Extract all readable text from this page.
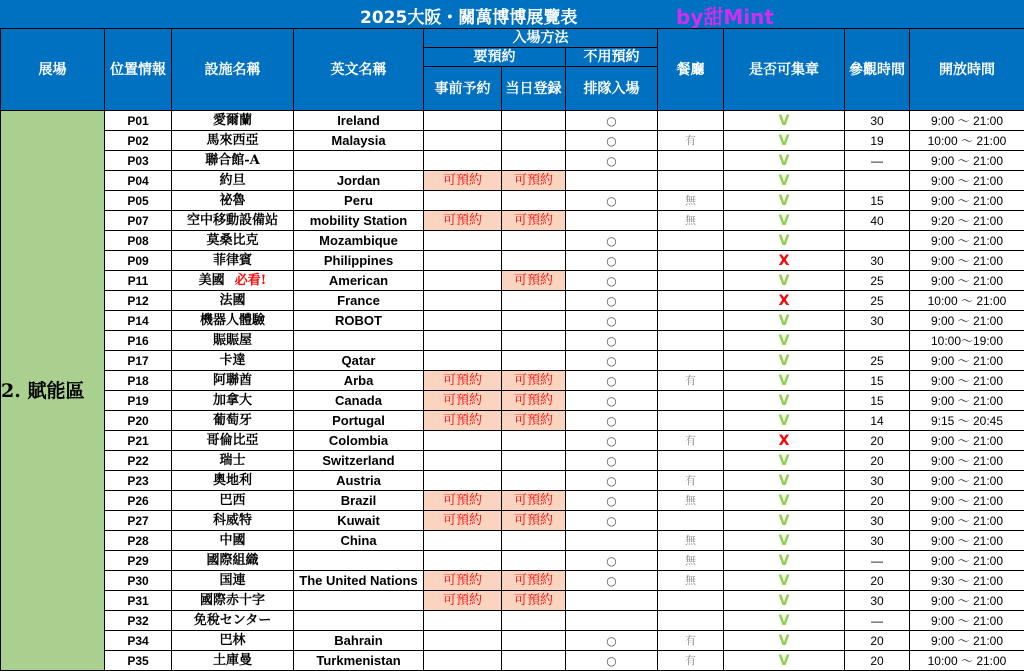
2025大阪・關萬博博展覽表	by甜Mint
展場	位置情報	設施名稱	英文名稱	入場方法			餐廳	是否可集章	參觀時間	開放時間
				要預約		不用預約				
				事前予約	当日登録	排隊入場				
2. 賦能區	P01	愛爾蘭	Ireland			○		V	30	9:00 ～ 21:00
	P02	馬來西亞	Malaysia			○	有	V	19	10:00 ～ 21:00
	P03	聯合館-A				○		V	—	9:00 ～ 21:00
	P04	約旦	Jordan	可預約	可預約			V		9:00 ～ 21:00
	P05	祕魯	Peru			○	無	V	15	9:00 ～ 21:00
	P07	空中移動設備站	mobility Station	可預約	可預約		無	V	40	9:20 ～ 21:00
	P08	莫桑比克	Mozambique			○		V		9:00 ～ 21:00
	P09	菲律賓	Philippines			○		X	30	9:00 ～ 21:00
	P11	美國 必看!	American		可預約	○		V	25	9:00 ～ 21:00
	P12	法國	France			○		X	25	10:00 ～ 21:00
	P14	機器人體驗	ROBOT			○		V	30	9:00 ～ 21:00
	P16	賑賑屋				○		V		10:00～19:00
	P17	卡達	Qatar			○		V	25	9:00 ～ 21:00
	P18	阿聯酋	Arba	可預約	可預約	○	有	V	15	9:00 ～ 21:00
	P19	加拿大	Canada	可預約	可預約	○		V	15	9:00 ～ 21:00
	P20	葡萄牙	Portugal	可預約	可預約	○		V	14	9:15 ～ 20:45
	P21	哥倫比亞	Colombia			○	有	X	20	9:00 ～ 21:00
	P22	瑞士	Switzerland			○		V	20	9:00 ～ 21:00
	P23	奧地利	Austria			○	有	V	30	9:00 ～ 21:00
	P26	巴西	Brazil	可預約	可預約	○	無	V	20	9:00 ～ 21:00
	P27	科威特	Kuwait	可預約	可預約	○		V	30	9:00 ～ 21:00
	P28	中國	China				無	V	30	9:00 ～ 21:00
	P29	國際組織				○	無	V	—	9:00 ～ 21:00
	P30	国連	The United Nations	可預約	可預約	○	無	V	20	9:30 ～ 21:00
	P31	國際赤十字		可預約	可預約			V	30	9:00 ～ 21:00
	P32	免稅センター						V	—	9:00 ～ 21:00
	P34	巴林	Bahrain			○	有	V	20	9:00 ～ 21:00
	P35	土庫曼	Turkmenistan			○	有	V	20	10:00 ～ 21:00
